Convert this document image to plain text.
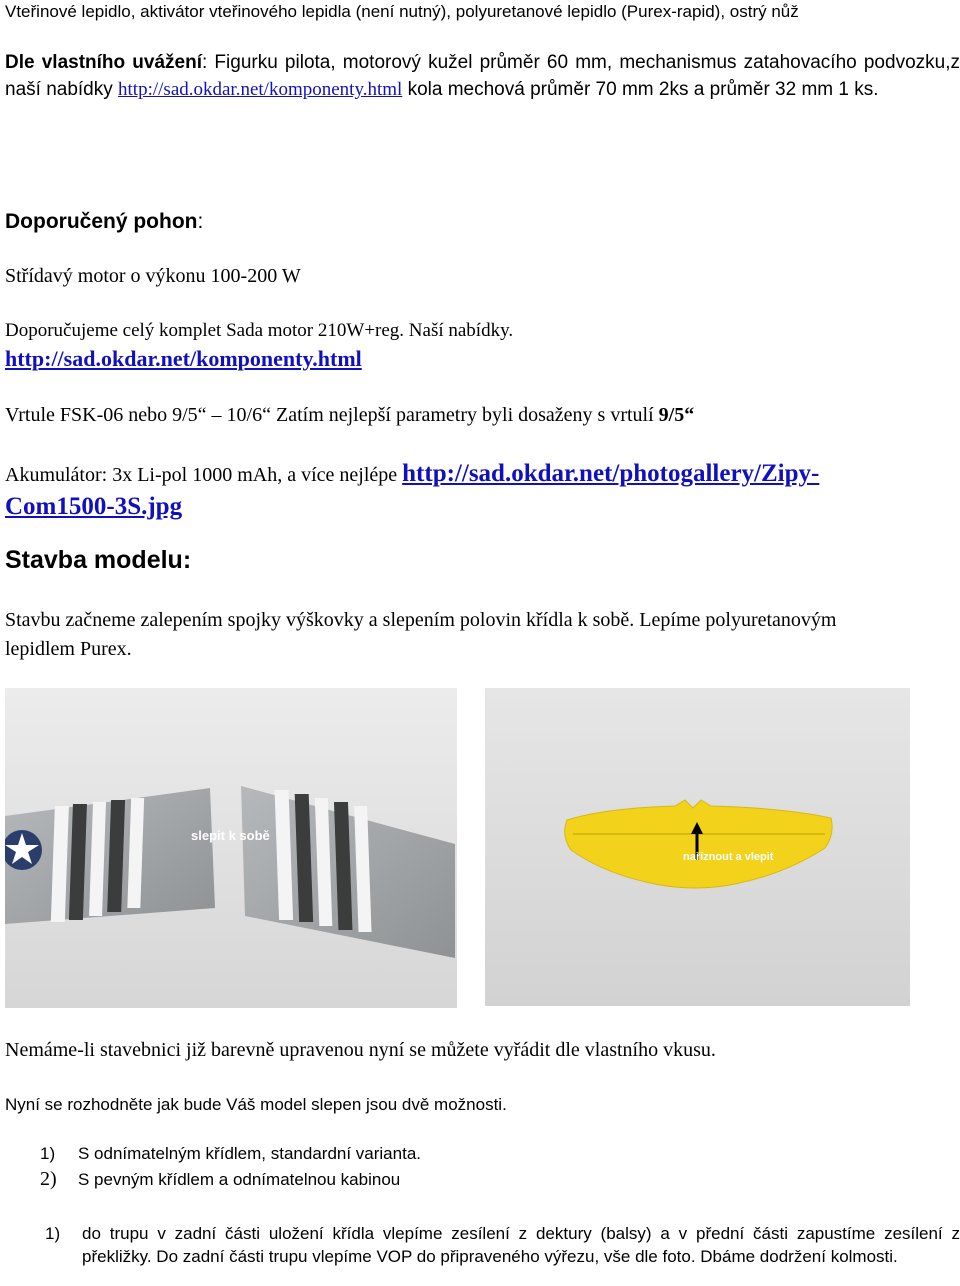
Vteřinové lepidlo, aktivátor vteřinového lepidla (není nutný), polyuretanové lepidlo (Purex-rapid), ostrý nůž
Dle vlastního uvážení: Figurku pilota, motorový kužel průměr 60 mm, mechanismus zatahovacího podvozku,z naší nabídky http://sad.okdar.net/komponenty.html kola mechová průměr 70 mm 2ks a průměr 32 mm 1 ks.
Doporučený pohon:
Střídavý motor o výkonu 100-200 W
Doporučujeme celý komplet Sada motor 210W+reg. Naší nabídky.
http://sad.okdar.net/komponenty.html
Vrtule FSK-06 nebo 9/5“ – 10/6“ Zatím nejlepší parametry byli dosaženy s vrtulí 9/5“
Akumulátor: 3x Li-pol 1000 mAh, a více nejlépe http://sad.okdar.net/photogallery/Zipy-
Com1500-3S.jpg
Stavba modelu:
Stavbu začneme zalepením spojky výškovky a slepením polovin křídla k sobě. Lepíme polyuretanovým lepidlem Purex.
slepit k sobě
naříznout a vlepit
Nemáme-li stavebnici již barevně upravenou nyní se můžete vyřádit dle vlastního vkusu.
Nyní se rozhodněte jak bude Váš model slepen jsou dvě možnosti.
1) S odnímatelným křídlem, standardní varianta.
2) S pevným křídlem a odnímatelnou kabinou
1)	do trupu v zadní části uložení křídla vlepíme zesílení z dektury (balsy) a v přední části zapustíme zesílení z překližky. Do zadní části trupu vlepíme VOP do připraveného výřezu, vše dle foto. Dbáme dodržení kolmosti.
